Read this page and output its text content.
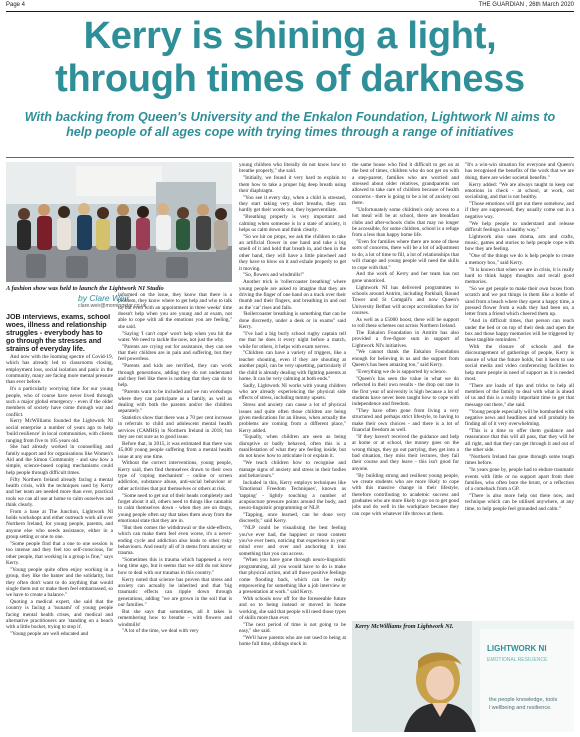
Page 4	THE GUARDIAN , 26th March 2020
Kerry is shining a light,
through times of darkness
With backing from Queen's University and the Enkalon Foundation, Lightwork NI aims to help people of all ages cope with trying times through a range of initiatives
A fashion show was held to launch the Lightwork NI Studio
by Clare Weir
clare.weir@morningstar.co.uk

JOB interviews, exams, school woes, illness and relationship struggles - everybody has to go through the stresses and strains of everyday life.

And now with the looming spectre of Covid-19, which has already led to classrooms closing, employment loss, social isolation and panic in the community, many are facing more mental pressure than ever before.

It's a particularly worrying time for our young people, who of course have never lived through such a major global emergency - even if the older members of society have come through war and conflict.

Kerry McWilliams founded the Lightwork NI social enterprise a number of years ago to help 'build resilience' in local communities, with clients ranging from five to 105 years old.

She had already worked in counselling and family support and for organisations like Women's Aid and the Simon Community - and saw how a simple, science-based coping mechanisms could help people through difficult times.

Fifty Northern Ireland already facing a mental health crisis, with the techniques used by Kerry and her team are needed more than ever, practical tools we can all use at home to calm ourselves and think clearly.

From a base at The Junction, Lightwork NI holds workshops and either outreach work all over Northern Ireland, for young people, parents, and anyone else who needs assistance, either in a group setting or one to one.

"Some people find that a one to one session is too intense and they feel too self-conscious, for other people, that working in a group is fine," says Kerry.

"Young people quite often enjoy working in a group, they like the banter and the solidarity, but they often don't want to do anything that would single them out or make them feel embarrassed, so we have to create a balance."

Quoting a medical expert, she said that the country is facing a 'tsunami' of young people facing mental health crises, and medical and alternative practitioners are 'standing on a beach with a little bucket, trying to stop it'.

"Young people are well educated and

informed on the issue, they know that there is a problem, they know where to get help and who to talk to, but even with an appointment in three weeks' time doesn't help when you are young and at exam, not able to cope with all the emotions you are feeling," she said.

"Saying 'I can't cope' won't help when you hit the water. We need to tackle the now, not just the why.

"Parents are crying out for assistance, they can see that their children are in pain and suffering, but they feel powerless.

"Parents and kids are terrified, they can work through generations, adding they do not understand and they feel like there is nothing that they can do to help.

"Parents want to be included and we run workshops where they can participate as a family, as well as dealing with both the parents and/or the children separately."

Statistics show that there was a 70 per cent increase in referrals to child and adolescent mental health services (CAMHS) in Northern Ireland in 2018, but they are not sure as to good issue.

Before that, in 2015, it was estimated that there was 45,000 young people suffering from a mental health issue at any one time.

Without the correct interventions, young people, Kerry said, then find themselves drawn to their own type of 'coping mechanism' - online or screen addiction, substance abuse, anti-social behaviour or other activities that put themselves or others at risk.

"Some need to get out of their heads completely and forget about it all, others need to things like cannabis to calm themselves down - when they are on drugs, young people often say that takes them away from the emotional state that they are in.

"But then comes the withdrawal or the side-effects, which can make them feel even worse, it's a never-ending cycle and addiction also leads to other risky behaviours. And nearly all of it stems from anxiety or trauma.

"Sometimes this is trauma which happened a very long time ago, but it seems that we still do not know how to deal with our traumas in this country."

Kerry noted that science has proven that stress and anxiety can actually be inherited and that 'big traumatic effects can ripple down through generations, adding "we are grown in the soil that is our families."

But she says that sometimes, all it takes is remembering how to breathe - with flowers and windmills!

"A lot of the time, we deal with very

young children who literally do not know how to breathe properly," she said.

"Initially, we found it very hard to explain to them how to take a proper big deep breath using their diaphragm.

"You see it every day, when a child is stressed, they start taking very short breaths, they can hardly get their words out, they hyperventilate.

"Breathing properly is very important and calming when someone is in a state of anxiety, it helps us calm down and think clearly.

"So we hit on props, we ask the children to take an artificial flower in one hand and take a big smell of it and hold that breath in, and then in the other hand, they will have a little pinwheel and they have to blow on it and exhale properly to get it moving.

"So, flowers and windmills!"

Another trick is 'rollercoaster breathing' where young people are asked to imagine that they are driving the finger of one hand on a track over their thumb and their fingers, and breathing in and out as the 'car' rises and falls.

'Rollercoaster breathing is something that can be done discreetly, under a desk or in exams" said Kerry.

"I've had a big burly school rugby captain tell me that he does it every night before a match, while for others, it helps with exam nerves.

"Children can have a variety of triggers, like a teacher shouting, even if they are shouting at another pupil, can be very upsetting, particularly if the child is already dealing with fighting parents at home. It can be very calming at both ends."

Sadly, Lightwork NI works with young children who are already experiencing the physical side effects of stress, including tummy upsets.

Stress and anxiety can cause a lot of physical issues and quite often those children are being given medications for an illness, when actually the problems are coming from a different place," Kerry added.

"Equally, when children are seen as being disruptive or badly behaved, often this is a manifestation of what they are feeling inside, but do not know how to articulate it or explain it.

"We teach children how to recognise and manage signs of anxiety and stress in their bodies and behaviours."

Included in this, Kerry employs techniques like 'Emotional Freedom Techniques', known as 'tapping' - lightly touching a number of acupuncture pressure points around the body, and neuro-linguistic programming or NLP.

"Tapping, once learned, can be done very discreetly," said Kerry.

"NLP could be visualising the best feeling you've ever had, the happiest or most content you've ever been, noticing that experience in your mind ever and over and anchoring it into something that you can access.

"When you have gone through neuro-linguistic programming, all you would have to do is make that physical action, and all those positive feelings come flooding back, which can be really empowering for something like a job interview or a presentation at work." said Kerry.

With schools now off for the foreseeable future and so to being instead or moved in home working, she said that people will need those types of skills more than ever.

"The next period of time is not going to be easy," she said.

"We'll have parents who are not used to being at home full time, siblings stuck in

the same house who find it difficult to get on at the best of times, children who do not get on with a step-parent, families who are worried and stressed about older relatives, grandparents not allowed to take care of children because of health concerns - there is going to be a lot of anxiety out there.

"Unfortunately some children's only access to a hot meal will be at school, there are breakfast clubs and after-schools clubs that may no longer be accessible, for some children, school is a refuge from a less than happy home life.

"Even for families where there are none of these sorts of concerns, there will be a lot of adjustment to do, a lot of time to fill, a lot of relationships that will change and young people will need the skills to cope with that."

And the work of Kerry and her team has not gone unnoticed.

Lightwork NI has delivered programmes to schools around Antrim, including Parkhall, Round Tower and St Comgall's and now Queen's University Belfast will accept accreditation for its' courses.

As well as a £5000 boost, there will be support to roll these schemes out across Northern Ireland.

The Enkalon Foundation in Antrim has also provided a five-figure sum in support of Lightwork NI's initiatives.

"We cannot thank the Enkalon Foundation enough for believing in us and the support from Queen's has been amazing too," said Kerry.

"Everything we do is supported by science.

"Queen's has seen the value in what we do reflected in their own results - the drop out rate in the first year of university is high because a lot of students have never been taught how to cope with independence and freedom.

"They have often gone from living a very structured and perhaps strict lifestyle, to having to make their own choices - and there is a lot of financial freedom as well.

"If they haven't received the guidance and help at home or at school, the money goes on the wrong things, they go out partying, they get into a bad situation, they miss their lectures, they fail their course and they leave - this isn't good for anyone.

"By building strong and resilient young people, we create students who are more likely to cope with this massive change in their lifestyle, therefore contributing to academic success and graduates who are more likely to go on to get good jobs and do well in the workplace because they can cope with whatever life throws at them.

"It's a win-win situation for everyone and Queen's has recognised the benefits of the work that we are doing, there are wider societal benefits."

Kerry added: "We are always taught to keep our emotions in check - at school, at work, out socialising, and that is not healthy.

"Those emotions will get out there somehow, and if they are suppressed, they usually come out in a negative way.

"We help people to understand and release difficult feelings in a healthy way."

Lightwork also uses drama, arts and crafts, music, games and stories to help people cope with how they are feeling.

"One of the things we do is help people to create a memory box," said Kerry.

"It is known that when we are in crisis, it is really hard to think happy thoughts and recall good memories.

"So we get people to make their own boxes from scratch and we put things in them like a bottle of sand from a beach where they spent a happy time, a pressed flower from a walk they had been on, a letter from a friend which cheered them up.

"And in difficult times, that person can reach under the bed or on top of their desk and open the box and those happy memories will be triggered by these tangible reminders."

With the closure of schools and the discouragement of gatherings of people, Kerry is unsure of what the future holds, but it keen to use social media and video conferencing facilities to help more people in need of support as it is needed most.

"There are loads of tips and tricks to help all members of the family to deal with what is ahead of us and this is a really important time to get that message out there," she said.

"Young people especially will be bombarded with negative news and headlines and will probably be finding all of it very overwhelming.

"This is a time to offer them guidance and reassurance that this will all pass, that they will be all right, and that they can get through it and out of the other side.

"Northern Ireland has gone through some tough times before.

"In years gone by, people had to endure traumatic events with little or no support apart from their families, who often bore the brunt, or a reflection of a comeback from a GP.

"There is also more help out there now, and technique which can be utilised anywhere, at any time, to help people feel grounded and calm."

LIGHTWORK NI
EMOTIONAL RESILIENCE
the people knowledge, tools
l wellbeing and resilience.
Kerry McWilliams from Lightwork NI.
